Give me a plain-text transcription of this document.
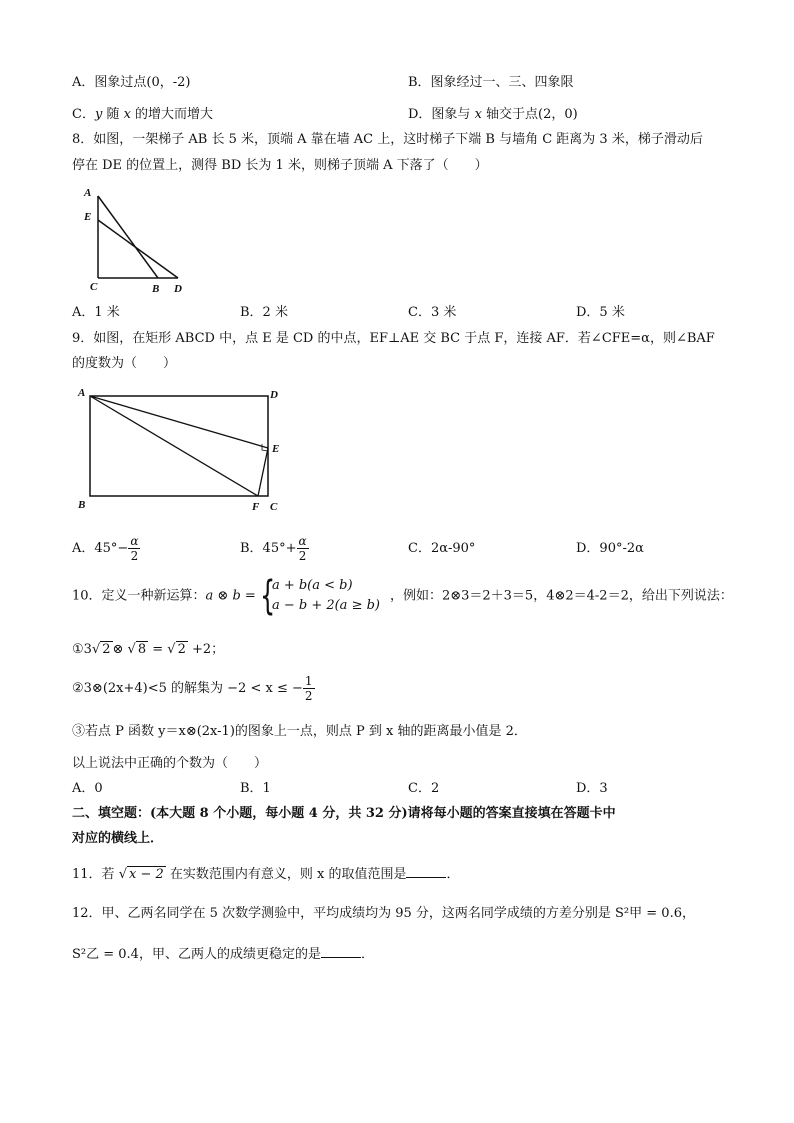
A．图象过点(0，-2)	B．图象经过一、三、四象限
C．y 随 x 的增大而增大	D．图象与 x 轴交于点(2，0)
8．如图，一架梯子 AB 长 5 米，顶端 A 靠在墙 AC 上，这时梯子下端 B 与墙角 C 距离为 3 米，梯子滑动后
停在 DE 的位置上，测得 BD 长为 1 米，则梯子顶端 A 下落了（　　）
A
E
C	B D
A．1 米	B．2 米	C．3 米	D．5 米
9．如图，在矩形 ABCD 中，点 E 是 CD 的中点，EF⊥AE 交 BC 于点 F，连接 AF．若∠CFE=α，则∠BAF
的度数为（　　）
A	D
E
B	F C
A．$45^\circ- \frac{\alpha}{2}$	B．$45^\circ+ \frac{\alpha}{2}$	C．2α-90°	D．90°-2α
10．定义一种新运算：a ⊗ b = {
a + b(a < b)
a − b + 2(a ≥ b)
，例如：2⊗3＝2＋3＝5，4⊗2＝4-2＝2，给出下列说法：
①3√ 2 ⊗ √ 8 = √ 2 +2；
②3⊗(2x+4)<5 的解集为 −2 < x ≤ − $\frac{1}{2}$
③若点 P 函数 y＝x⊗(2x-1)的图象上一点，则点 P 到 x 轴的距离最小值是 2．
以上说法中正确的个数为（　　）
A．0	B．1	C．2	D．3
二、填空题：(本大题 8 个小题，每小题 4 分，共 32 分)请将每小题的答案直接填在答题卡中
对应的横线上．
11．若 √ x − 2 在实数范围内有意义，则 x 的取值范围是	．
12．甲、乙两名同学在 5 次数学测验中，平均成绩均为 95 分，这两名同学成绩的方差分别是 S²甲 = 0.6，
S²乙 = 0.4，甲、乙两人的成绩更稳定的是	．
